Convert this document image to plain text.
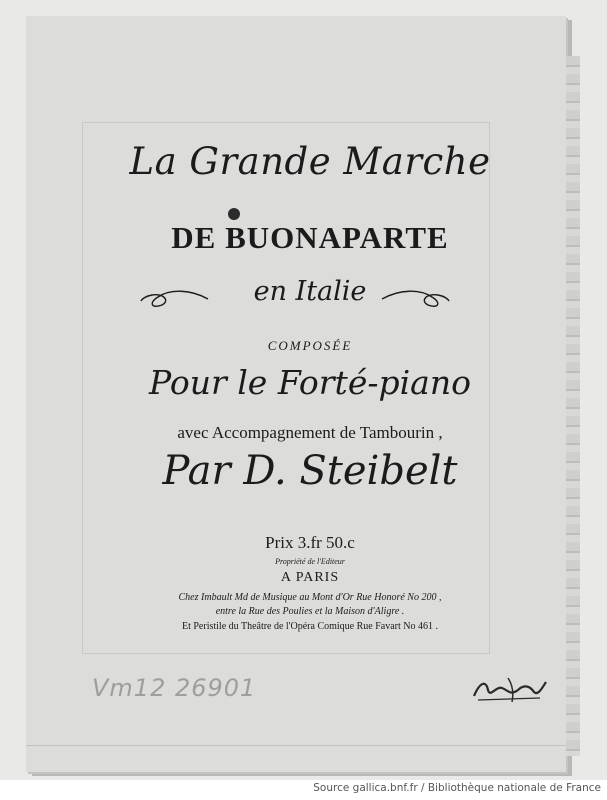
La Grande Marche
DE BUONAPARTE
en Italie
COMPOSÉE
Pour le Forté-piano
avec Accompagnement de Tambourin ,
Par D. Steibelt
Prix 3.fr 50.c
Propriété de l'Editeur
A PARIS
Chez Imbault Md de Musique au Mont d'Or Rue Honoré No 200 ,
entre la Rue des Poulies et la Maison d'Aligre .
Et Peristile du Theâtre de l'Opéra Comique Rue Favart No 461 .
Vm12 26901
Source gallica.bnf.fr / Bibliothèque nationale de France
